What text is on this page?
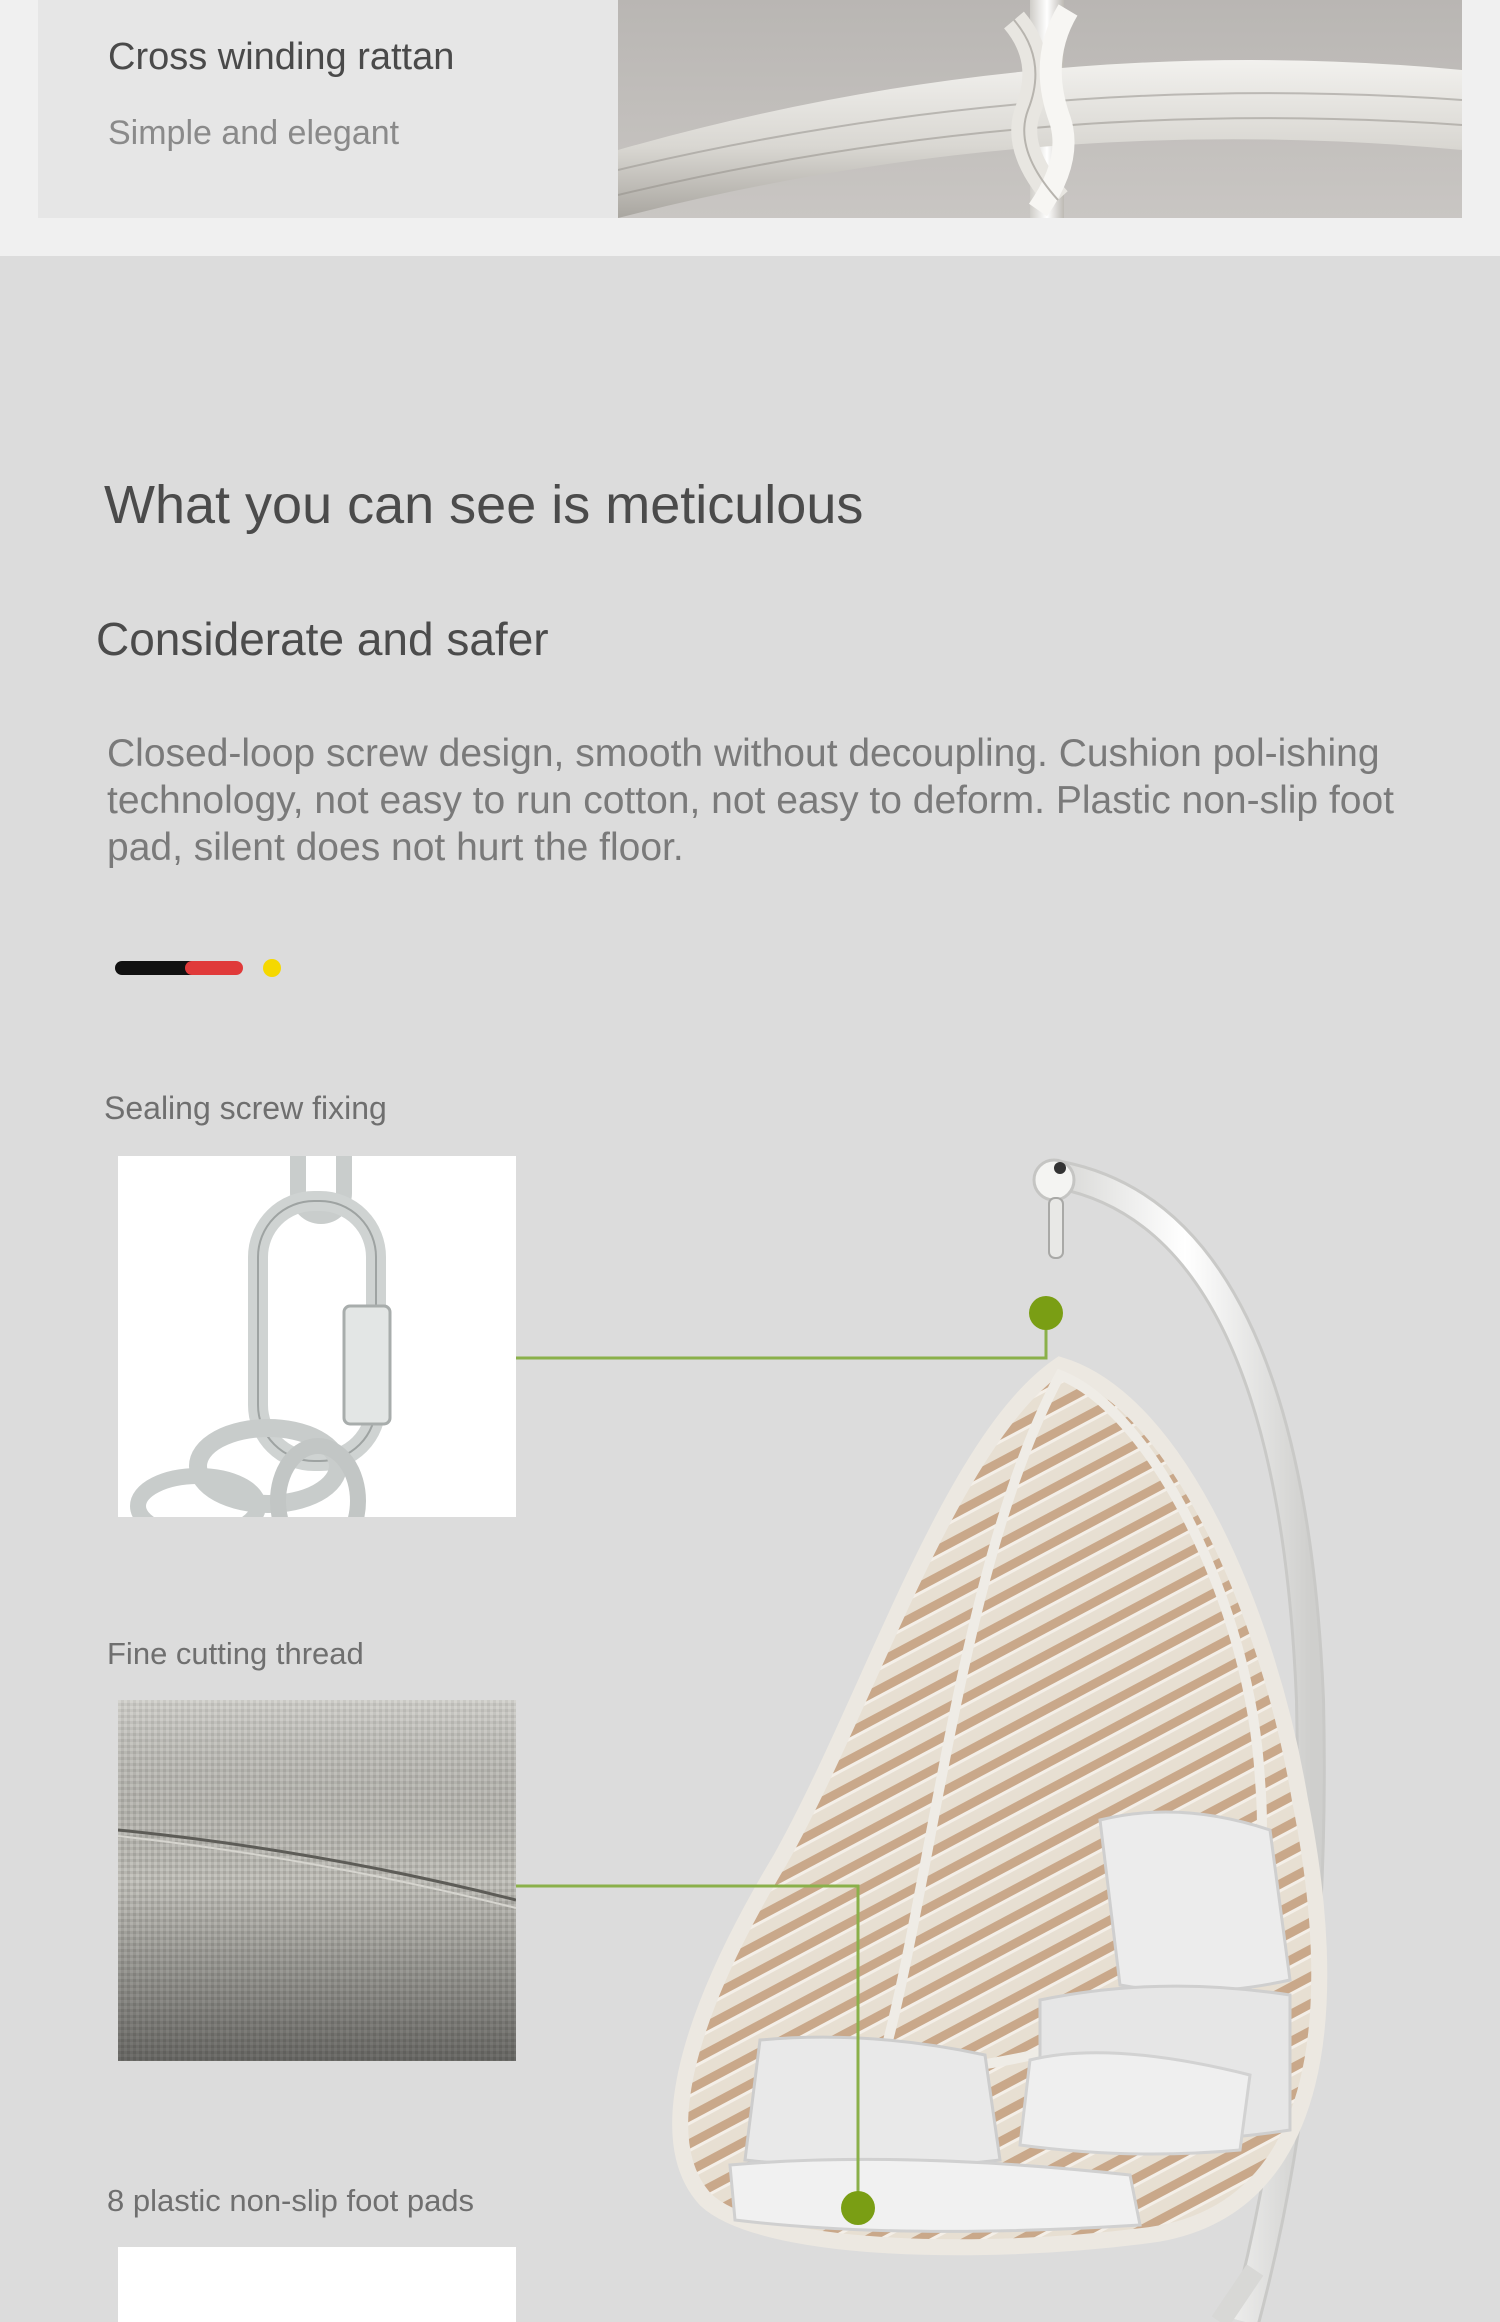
Cross winding rattan

Simple and elegant

What you can see is meticulous
Considerate and safer

Closed-loop screw design, smooth without decoupling. Cushion pol-ishing technology, not easy to run cotton, not easy to deform. Plastic non-slip foot pad, silent does not hurt the floor.

Sealing screw fixing

Fine cutting thread

8 plastic non-slip foot pads
